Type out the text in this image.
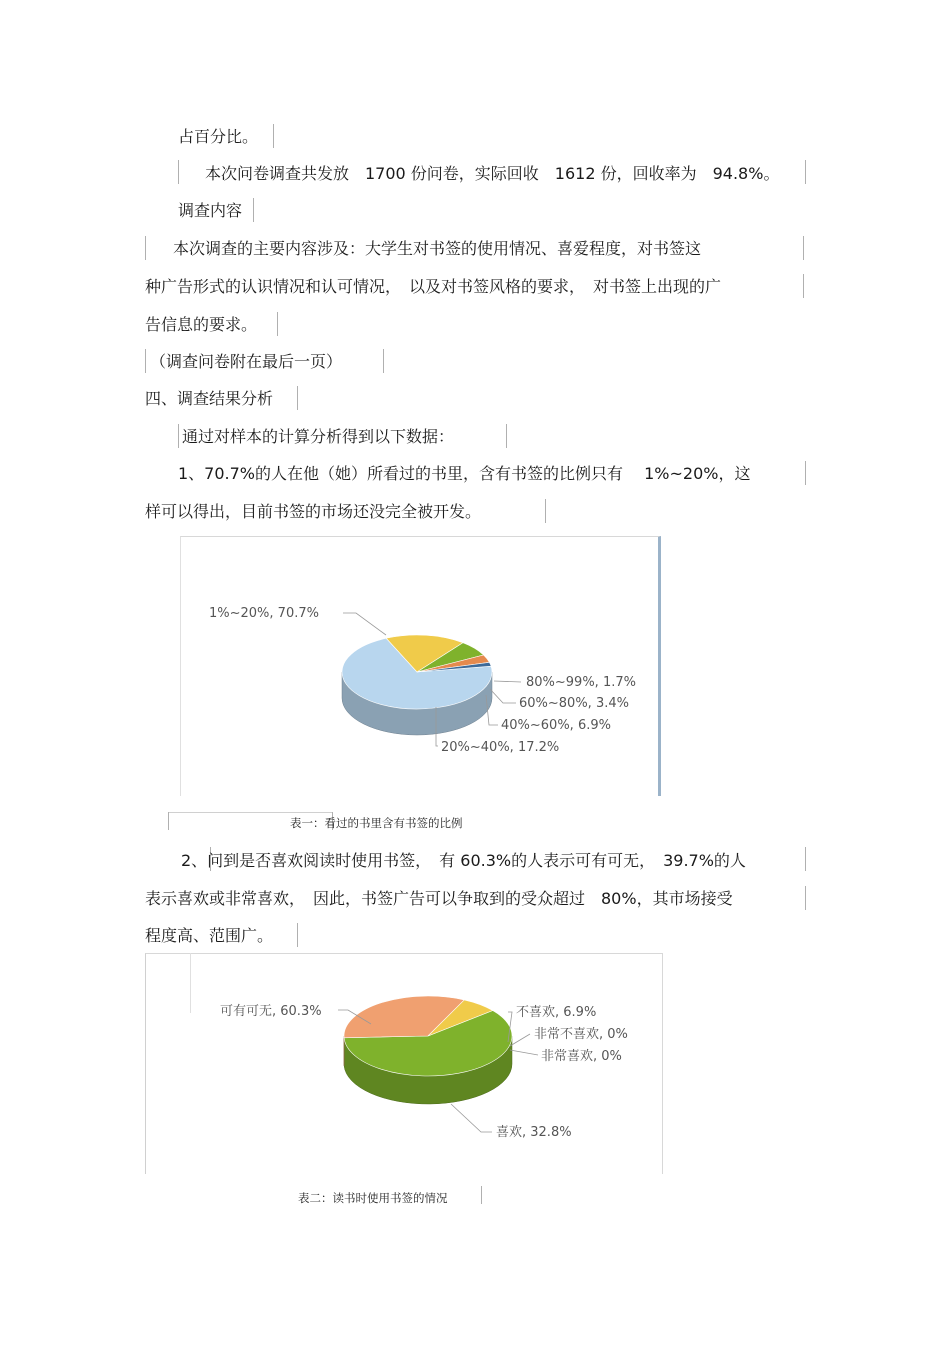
占百分比。
本次问卷调查共发放　1700 份问卷，实际回收　1612 份，回收率为　94.8%。
调查内容
本次调查的主要内容涉及：大学生对书签的使用情况、喜爱程度，对书签这
种广告形式的认识情况和认可情况，　以及对书签风格的要求，　对书签上出现的广
告信息的要求。
（调查问卷附在最后一页）
四、调查结果分析
通过对样本的计算分析得到以下数据：
1、70.7%的人在他（她）所看过的书里，含有书签的比例只有　 1%~20%，这
样可以得出，目前书签的市场还没完全被开发。
1%~20%, 70.7%
80%~99%, 1.7%
60%~80%, 3.4%
40%~60%, 6.9%
20%~40%, 17.2%
表一：看过的书里含有书签的比例
2、问到是否喜欢阅读时使用书签，　有 60.3%的人表示可有可无，　39.7%的人
表示喜欢或非常喜欢，　因此，书签广告可以争取到的受众超过　80%，其市场接受
程度高、范围广。
可有可无, 60.3%	不喜欢, 6.9%
非常不喜欢, 0%
非常喜欢, 0%
喜欢, 32.8%
表二：读书时使用书签的情况
